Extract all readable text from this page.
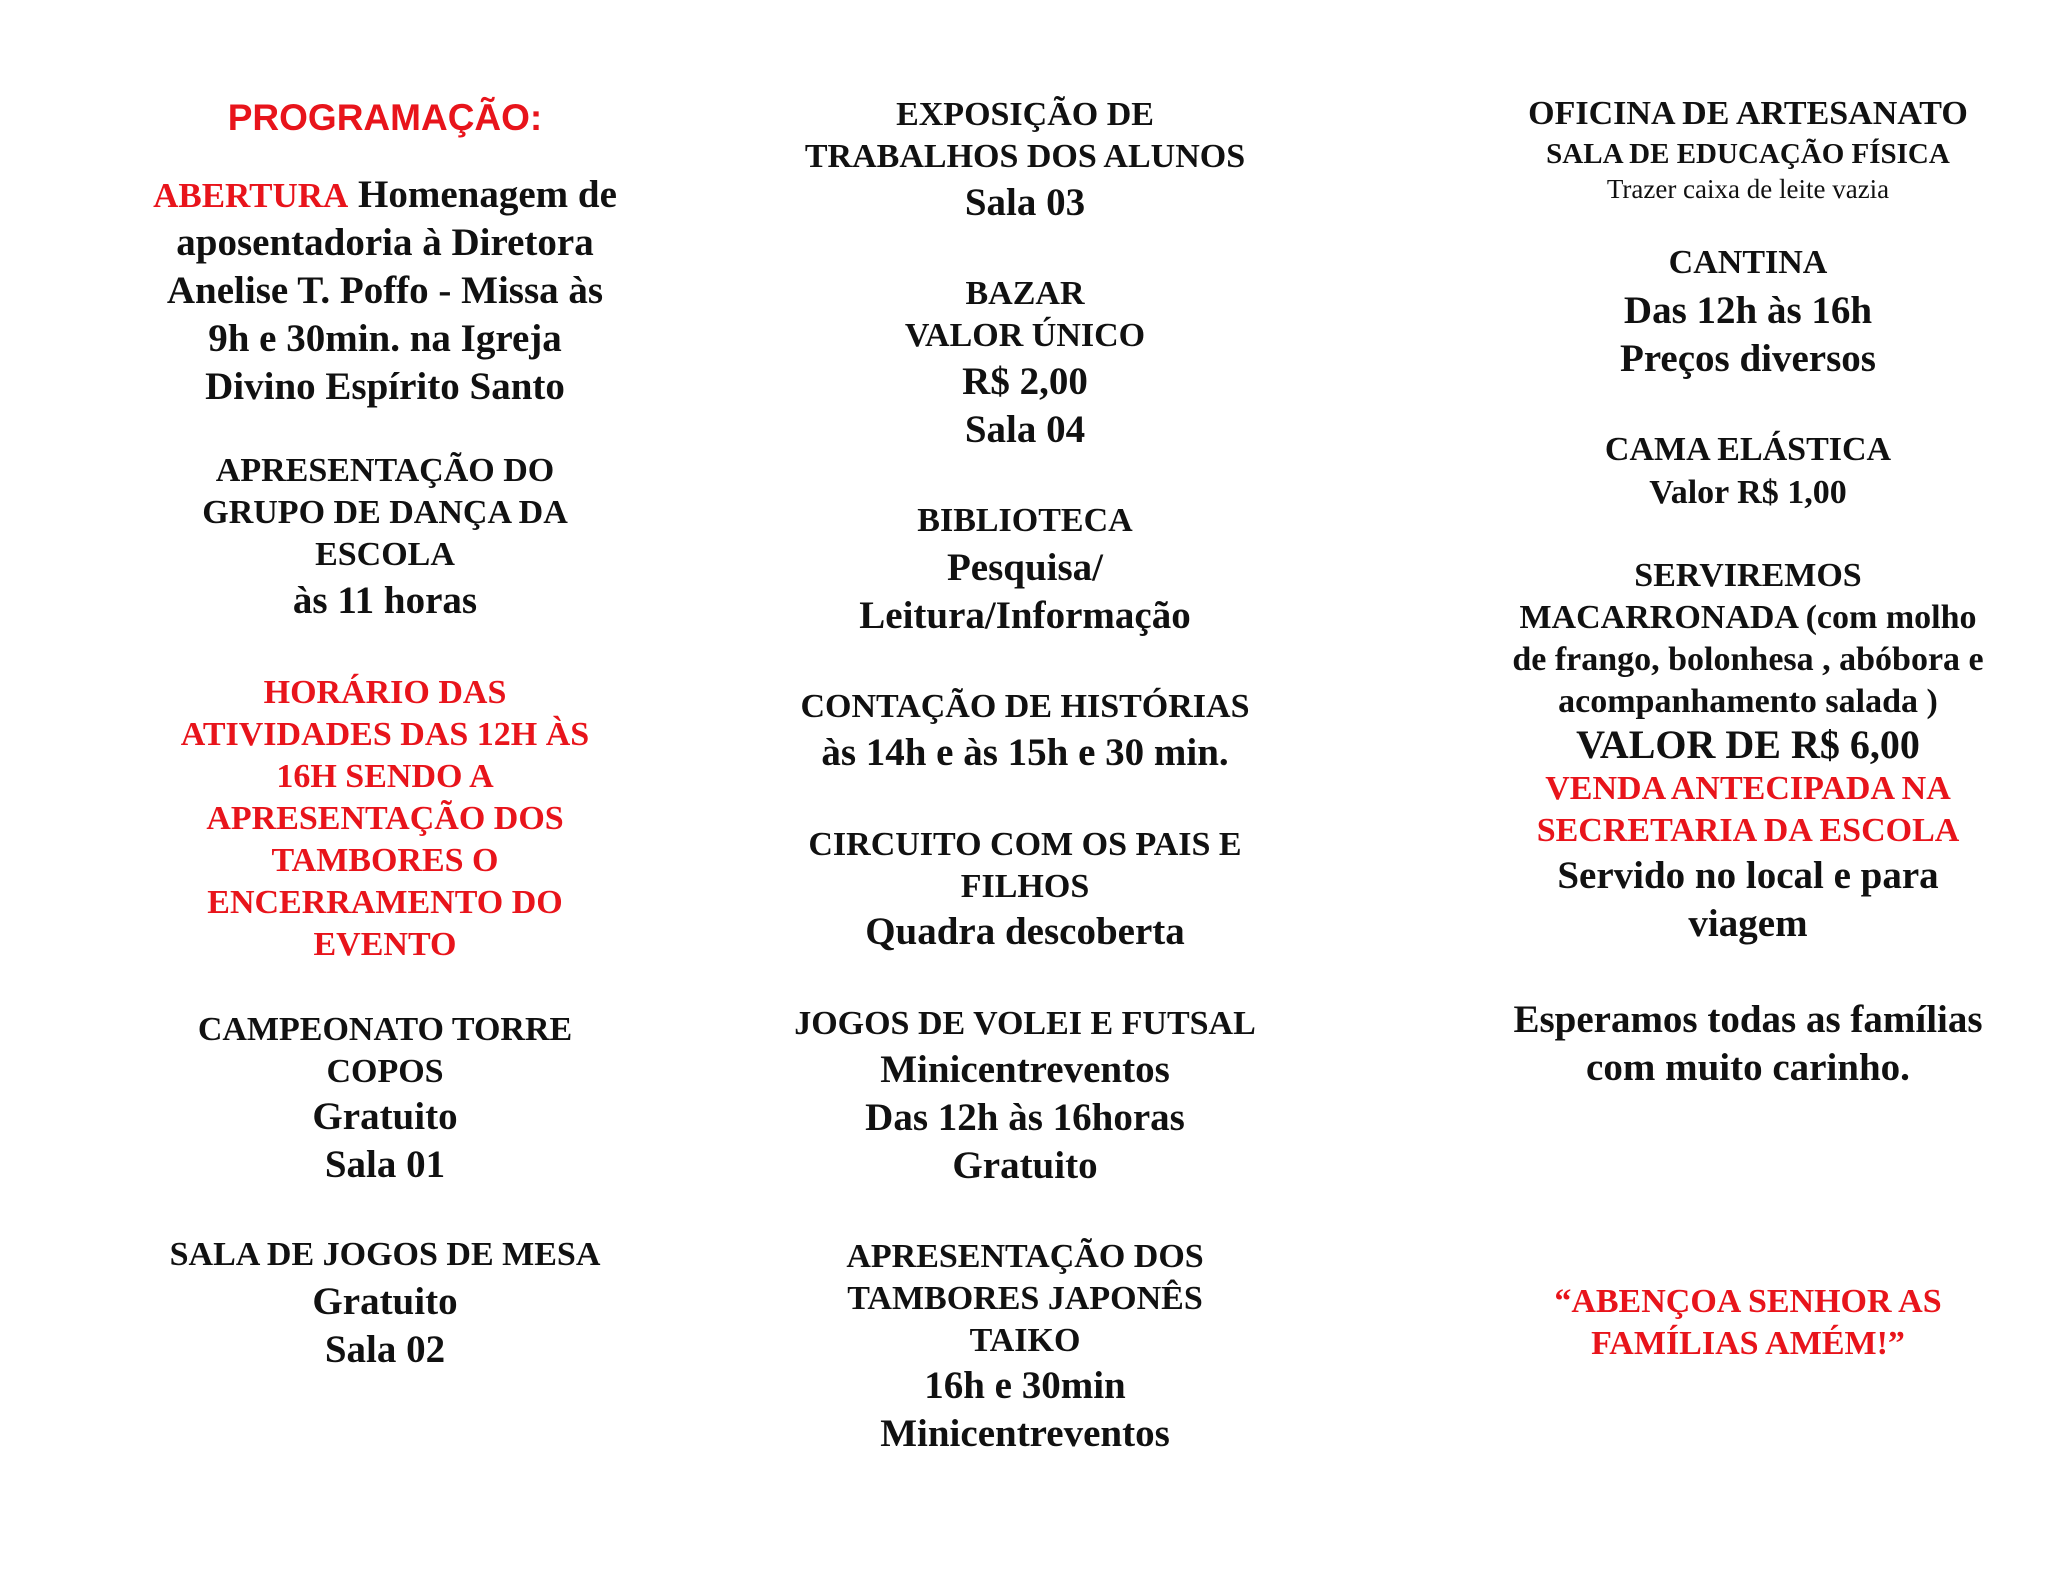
PROGRAMAÇÃO:
ABERTURA Homenagem de
aposentadoria à Diretora
Anelise T. Poffo - Missa às
9h e 30min. na Igreja
Divino Espírito Santo
APRESENTAÇÃO DO
GRUPO DE DANÇA DA
ESCOLA
às 11 horas
HORÁRIO DAS
ATIVIDADES DAS 12H ÀS
16H SENDO A
APRESENTAÇÃO DOS
TAMBORES O
ENCERRAMENTO DO
EVENTO
CAMPEONATO TORRE
COPOS
Gratuito
Sala 01
SALA DE JOGOS DE MESA
Gratuito
Sala 02
EXPOSIÇÃO DE
TRABALHOS DOS ALUNOS
Sala 03
BAZAR
VALOR ÚNICO
R$ 2,00
Sala 04
BIBLIOTECA
Pesquisa/
Leitura/Informação
CONTAÇÃO DE HISTÓRIAS
às 14h e às 15h e 30 min.
CIRCUITO COM OS PAIS E
FILHOS
Quadra descoberta
JOGOS DE VOLEI E FUTSAL
Minicentreventos
Das 12h às 16horas
Gratuito
APRESENTAÇÃO DOS
TAMBORES JAPONÊS
TAIKO
16h e 30min
Minicentreventos
OFICINA DE ARTESANATO
SALA DE EDUCAÇÃO FÍSICA
Trazer caixa de leite vazia
CANTINA
Das 12h às 16h
Preços diversos
CAMA ELÁSTICA
Valor R$ 1,00
SERVIREMOS
MACARRONADA (com molho
de frango, bolonhesa , abóbora e
acompanhamento salada )
VALOR DE R$ 6,00
VENDA ANTECIPADA NA
SECRETARIA DA ESCOLA
Servido no local e para
viagem
Esperamos todas as famílias
com muito carinho.
“ABENÇOA SENHOR AS
FAMÍLIAS AMÉM!”
